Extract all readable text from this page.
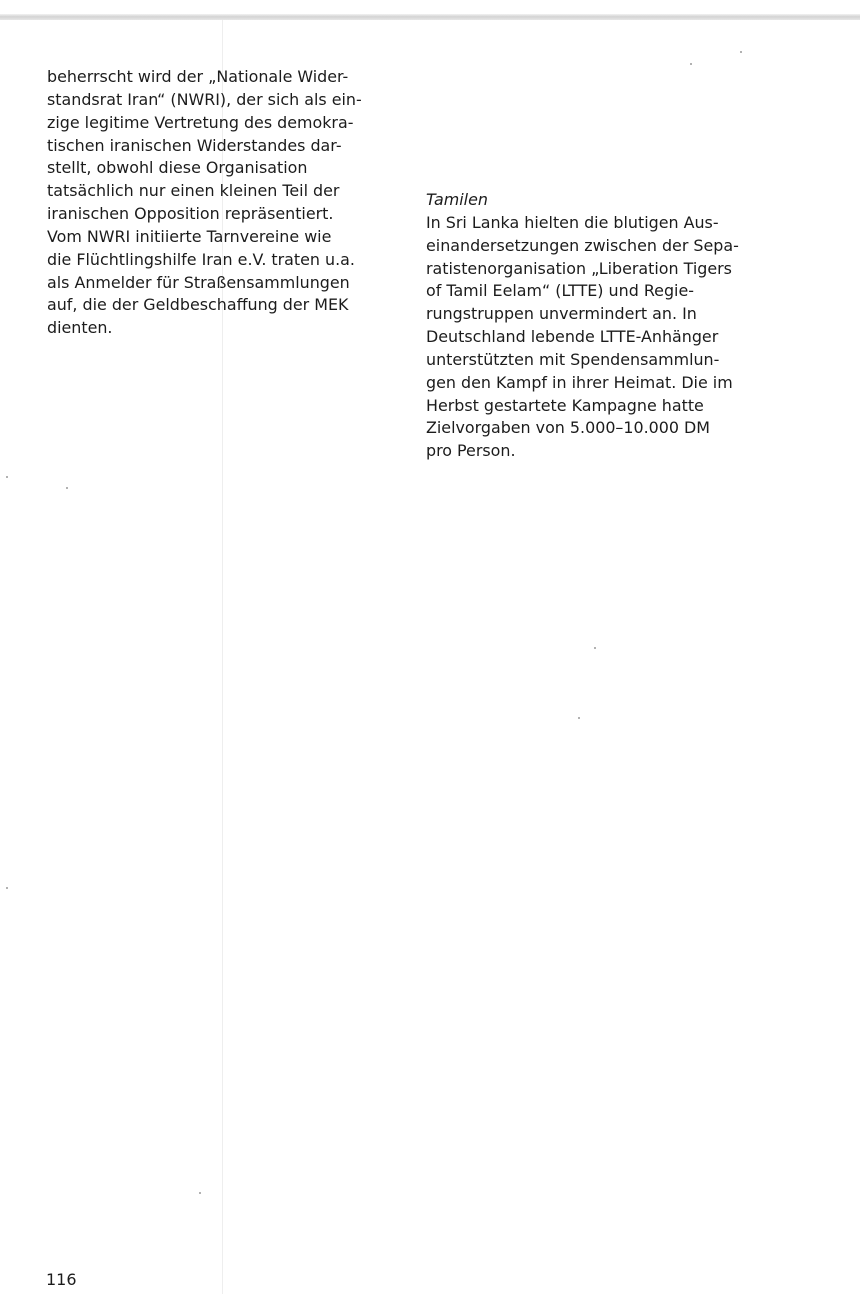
beherrscht wird der „Nationale Wider-
standsrat Iran“ (NWRI), der sich als ein-
zige legitime Vertretung des demokra-
tischen iranischen Widerstandes dar-
stellt, obwohl diese Organisation
tatsächlich nur einen kleinen Teil der
iranischen Opposition repräsentiert.
Vom NWRI initiierte Tarnvereine wie
die Flüchtlingshilfe Iran e.V. traten u.a.
als Anmelder für Straßensammlungen
auf, die der Geldbeschaffung der MEK
dienten.
Tamilen
In Sri Lanka hielten die blutigen Aus-
einandersetzungen zwischen der Sepa-
ratistenorganisation „Liberation Tigers
of Tamil Eelam“ (LTTE) und Regie-
rungstruppen unvermindert an. In
Deutschland lebende LTTE-Anhänger
unterstützten mit Spendensammlun-
gen den Kampf in ihrer Heimat. Die im
Herbst gestartete Kampagne hatte
Zielvorgaben von 5.000–10.000 DM
pro Person.
116
